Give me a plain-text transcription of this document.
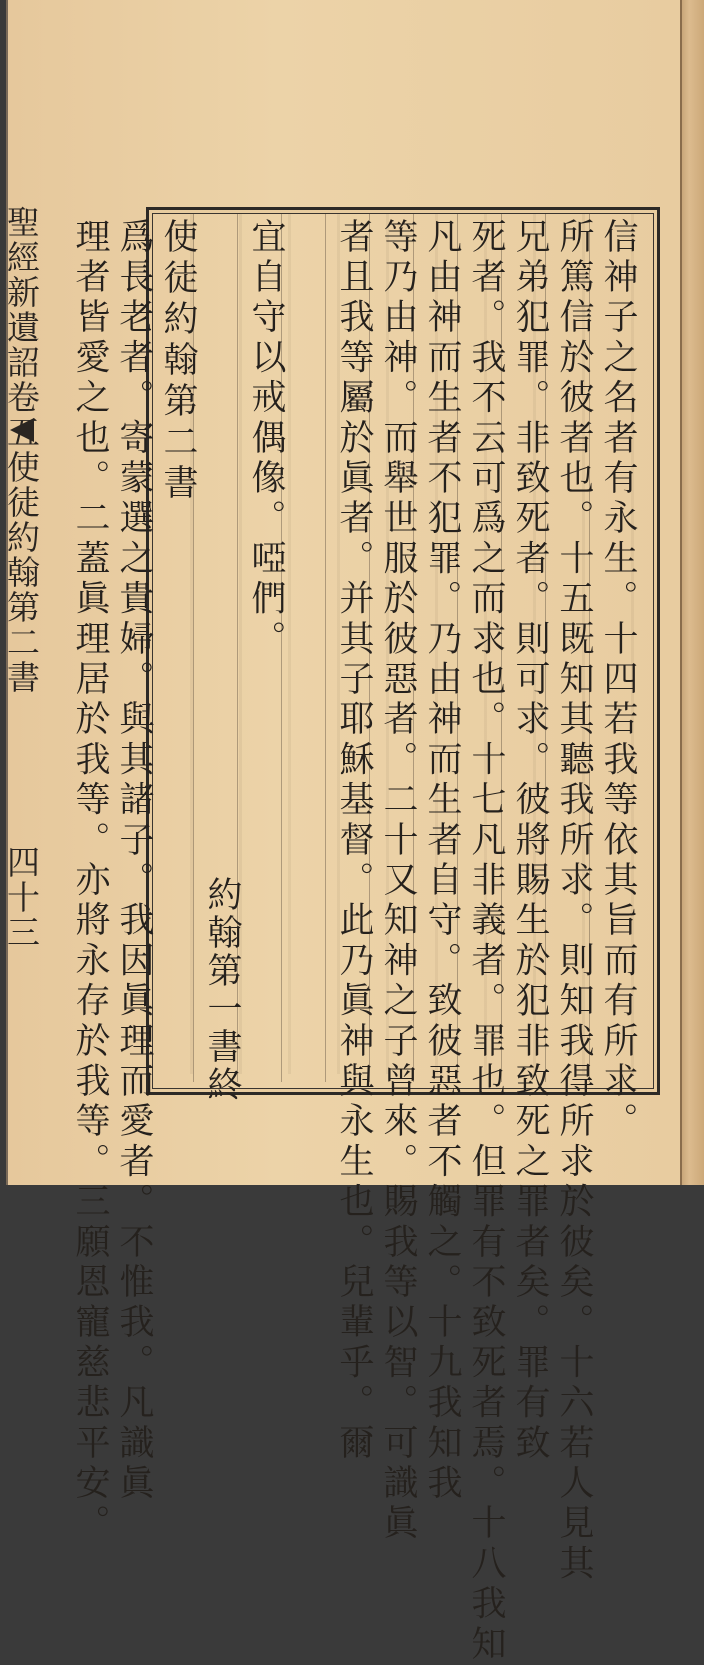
聖經新遺詔卷五使徒約翰第二書四十三	信神子之名者有永生。十四若我等依其旨而有所求。
所篤信於彼者也。十五既知其聽我所求。則知我得所求於彼矣。十六若人見其
兄弟犯罪。非致死者。則可求。彼將賜生於犯非致死之罪者矣。罪有致
死者。我不云可爲之而求也。十七凡非義者。罪也。但罪有不致死者焉。十八我知
凡由神而生者不犯罪。乃由神而生者自守。致彼惡者不觸之。十九我知我
等乃由神。而舉世服於彼惡者。二十又知神之子曾來。賜我等以智。可識眞
者且我等屬於眞者。并其子耶穌基督。此乃眞神與永生也。兒輩乎。爾
宜自守以戒偶像。啞們。
約翰第一書終
使徒約翰第二書
爲長老者。寄蒙選之貴婦。與其諸子。我因眞理而愛者。不惟我。凡識眞
理者皆愛之也。二蓋眞理居於我等。亦將永存於我等。三願恩寵慈悲平安。
